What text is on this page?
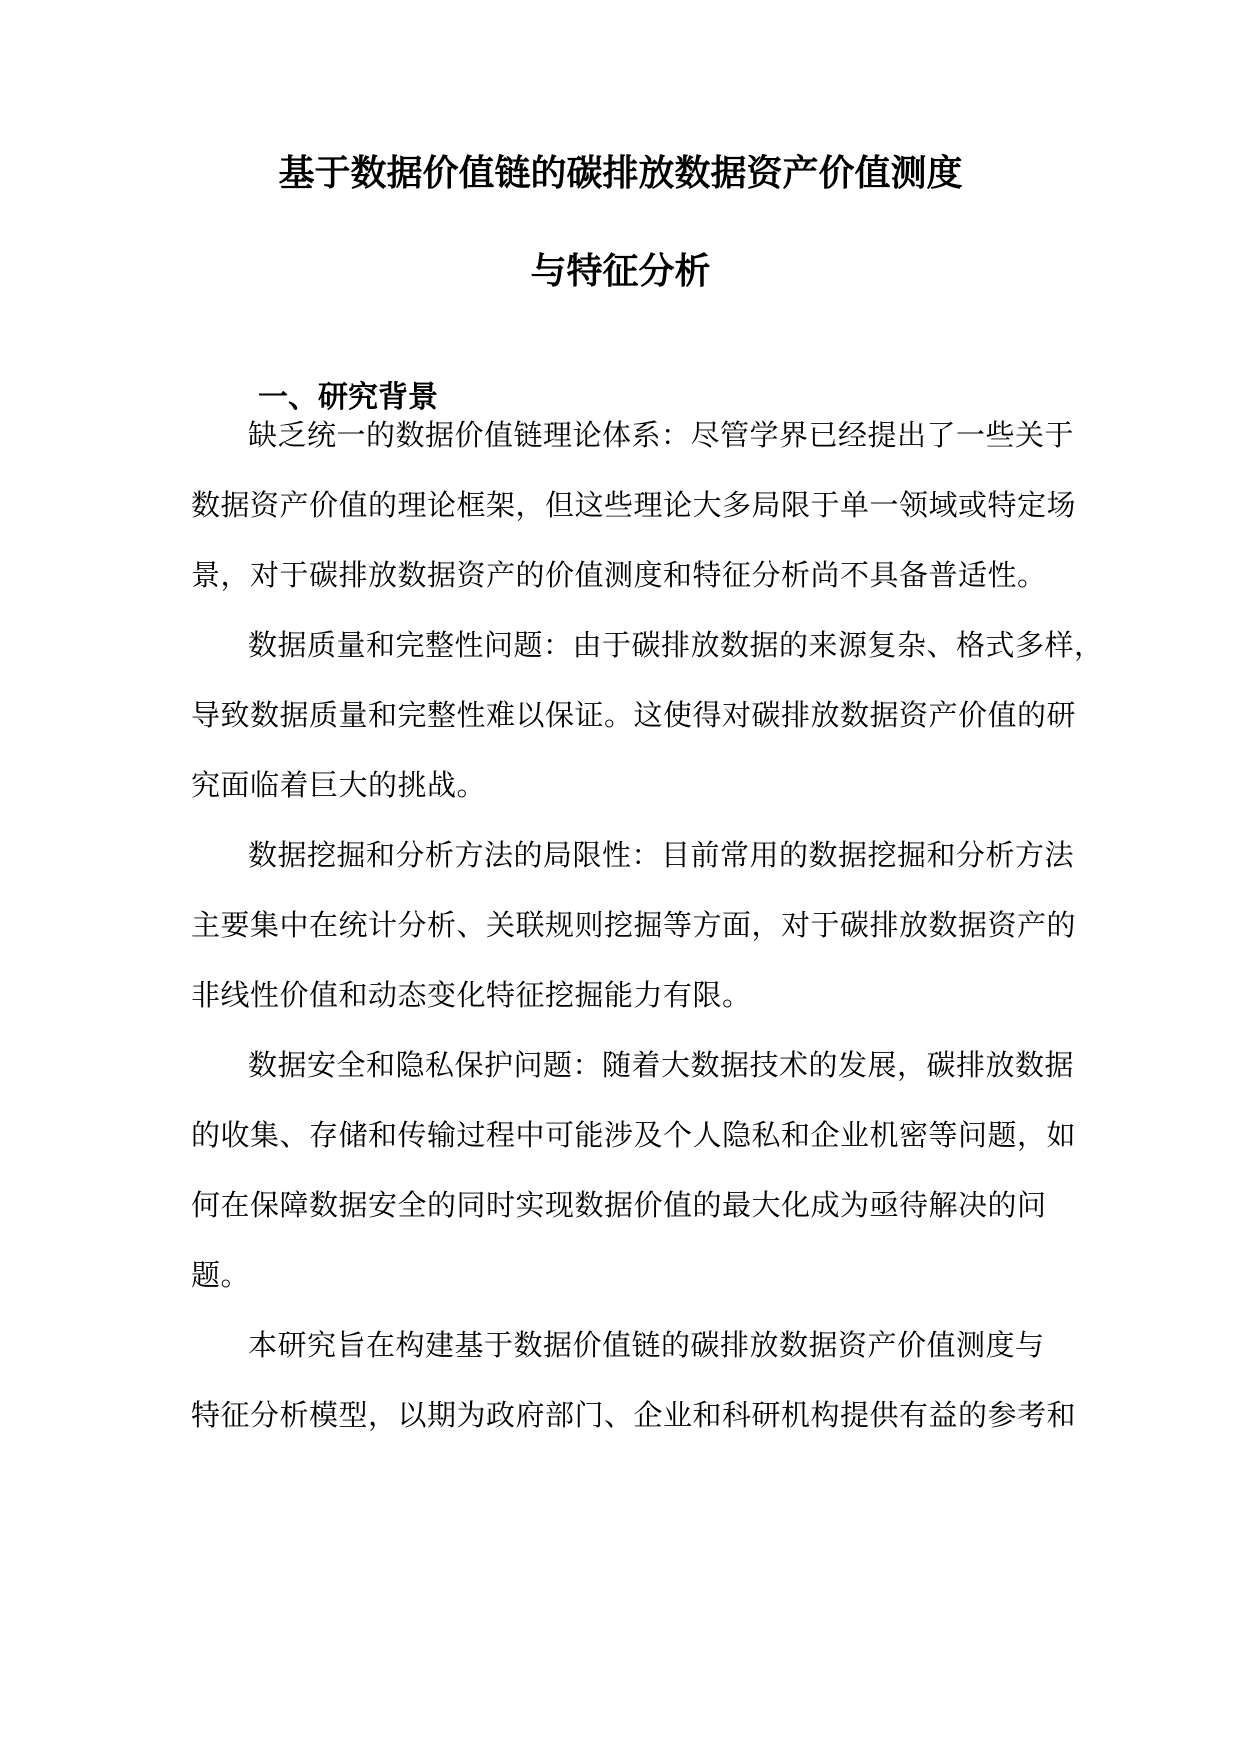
基于数据价值链的碳排放数据资产价值测度
与特征分析
一、研究背景
缺乏统一的数据价值链理论体系：尽管学界已经提出了一些关于
数据资产价值的理论框架，但这些理论大多局限于单一领域或特定场
景，对于碳排放数据资产的价值测度和特征分析尚不具备普适性。
数据质量和完整性问题：由于碳排放数据的来源复杂、格式多样，
导致数据质量和完整性难以保证。这使得对碳排放数据资产价值的研
究面临着巨大的挑战。
数据挖掘和分析方法的局限性：目前常用的数据挖掘和分析方法
主要集中在统计分析、关联规则挖掘等方面，对于碳排放数据资产的
非线性价值和动态变化特征挖掘能力有限。
数据安全和隐私保护问题：随着大数据技术的发展，碳排放数据
的收集、存储和传输过程中可能涉及个人隐私和企业机密等问题，如
何在保障数据安全的同时实现数据价值的最大化成为亟待解决的问
题。
本研究旨在构建基于数据价值链的碳排放数据资产价值测度与
特征分析模型，以期为政府部门、企业和科研机构提供有益的参考和
